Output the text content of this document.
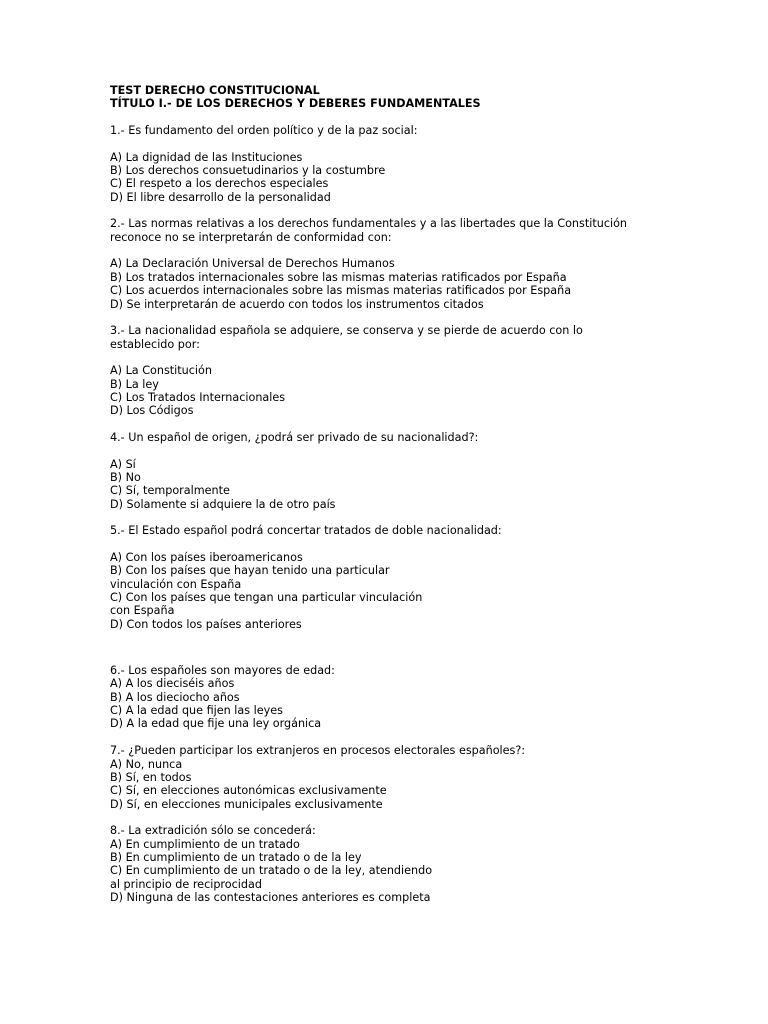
TEST DERECHO CONSTITUCIONAL

TÍTULO I.- DE LOS DERECHOS Y DEBERES FUNDAMENTALES

1.- Es fundamento del orden político y de la paz social:

A) La dignidad de las Instituciones
B) Los derechos consuetudinarios y la costumbre
C) El respeto a los derechos especiales
D) El libre desarrollo de la personalidad

2.- Las normas relativas a los derechos fundamentales y a las libertades que la Constitución
reconoce no se interpretarán de conformidad con:

A) La Declaración Universal de Derechos Humanos
B) Los tratados internacionales sobre las mismas materias ratificados por España
C) Los acuerdos internacionales sobre las mismas materias ratificados por España
D) Se interpretarán de acuerdo con todos los instrumentos citados

3.- La nacionalidad española se adquiere, se conserva y se pierde de acuerdo con lo
establecido por:

A) La Constitución
B) La ley
C) Los Tratados Internacionales
D) Los Códigos

4.- Un español de origen, ¿podrá ser privado de su nacionalidad?:

A) Sí
B) No
C) Sí, temporalmente
D) Solamente si adquiere la de otro país

5.- El Estado español podrá concertar tratados de doble nacionalidad:

A) Con los países iberoamericanos
B) Con los países que hayan tenido una particular
vinculación con España
C) Con los países que tengan una particular vinculación
con España
D) Con todos los países anteriores

6.- Los españoles son mayores de edad:

A) A los dieciséis años
B) A los dieciocho años
C) A la edad que fijen las leyes
D) A la edad que fije una ley orgánica

7.- ¿Pueden participar los extranjeros en procesos electorales españoles?:

A) No, nunca
B) Sí, en todos
C) Sí, en elecciones autonómicas exclusivamente
D) Sí, en elecciones municipales exclusivamente

8.- La extradición sólo se concederá:

A) En cumplimiento de un tratado
B) En cumplimiento de un tratado o de la ley
C) En cumplimiento de un tratado o de la ley, atendiendo
al principio de reciprocidad
D) Ninguna de las contestaciones anteriores es completa
